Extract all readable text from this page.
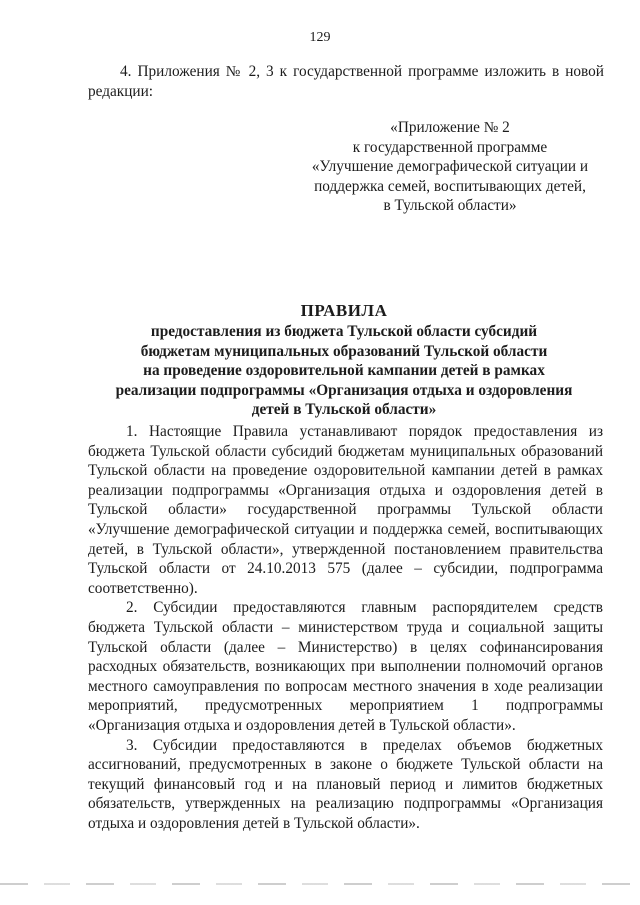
129

4. Приложения № 2, 3 к государственной программе изложить в новой редакции:

«Приложение № 2
к государственной программе
«Улучшение демографической ситуации и
поддержка семей, воспитывающих детей,
в Тульской области»
ПРАВИЛА
предоставления из бюджета Тульской области субсидий
бюджетам муниципальных образований Тульской области
на проведение оздоровительной кампании детей в рамках
реализации подпрограммы «Организация отдыха и оздоровления
детей в Тульской области»

1. Настоящие Правила устанавливают порядок предоставления из бюджета Тульской области субсидий бюджетам муниципальных образований Тульской области на проведение оздоровительной кампании детей в рамках реализации подпрограммы «Организация отдыха и оздоровления детей в Тульской области» государственной программы Тульской области «Улучшение демографической ситуации и поддержка семей, воспитывающих детей, в Тульской области», утвержденной постановлением правительства Тульской области от 24.10.2013 575 (далее – субсидии, подпрограмма соответственно).

2. Субсидии предоставляются главным распорядителем средств бюджета Тульской области – министерством труда и социальной защиты Тульской области (далее – Министерство) в целях софинансирования расходных обязательств, возникающих при выполнении полномочий органов местного самоуправления по вопросам местного значения в ходе реализации мероприятий, предусмотренных мероприятием 1 подпрограммы «Организация отдыха и оздоровления детей в Тульской области».

3. Субсидии предоставляются в пределах объемов бюджетных ассигнований, предусмотренных в законе о бюджете Тульской области на текущий финансовый год и на плановый период и лимитов бюджетных обязательств, утвержденных на реализацию подпрограммы «Организация отдыха и оздоровления детей в Тульской области».
